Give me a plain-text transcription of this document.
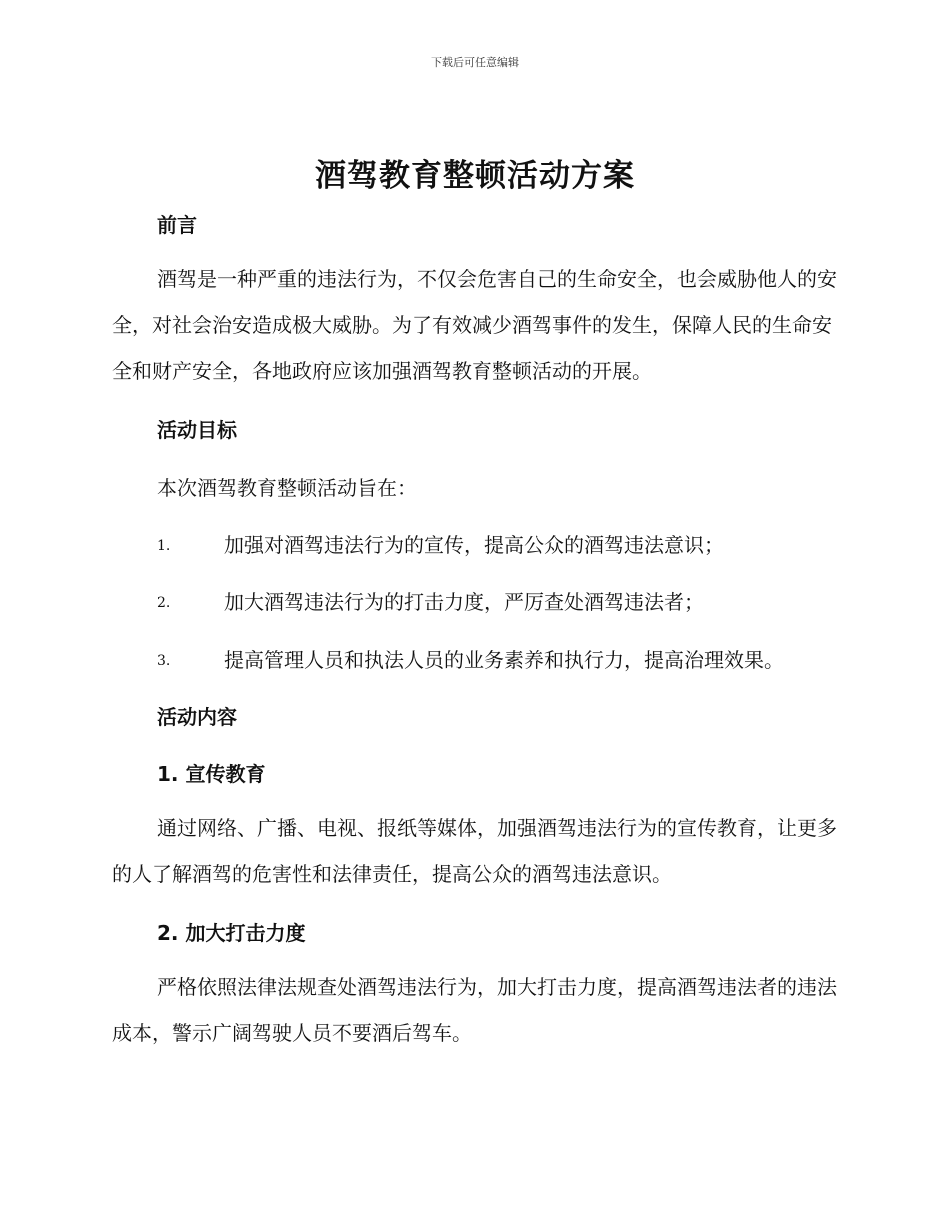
下载后可任意编辑
酒驾教育整顿活动方案
前言
酒驾是一种严重的违法行为，不仅会危害自己的生命安全，也会威胁他人的安全，对社会治安造成极大威胁。为了有效减少酒驾事件的发生，保障人民的生命安全和财产安全，各地政府应该加强酒驾教育整顿活动的开展。
活动目标
本次酒驾教育整顿活动旨在：
1.	加强对酒驾违法行为的宣传，提高公众的酒驾违法意识；
2.	加大酒驾违法行为的打击力度，严厉查处酒驾违法者；
3.	提高管理人员和执法人员的业务素养和执行力，提高治理效果。
活动内容
1. 宣传教育
通过网络、广播、电视、报纸等媒体，加强酒驾违法行为的宣传教育，让更多的人了解酒驾的危害性和法律责任，提高公众的酒驾违法意识。
2. 加大打击力度
严格依照法律法规查处酒驾违法行为，加大打击力度，提高酒驾违法者的违法成本，警示广阔驾驶人员不要酒后驾车。
